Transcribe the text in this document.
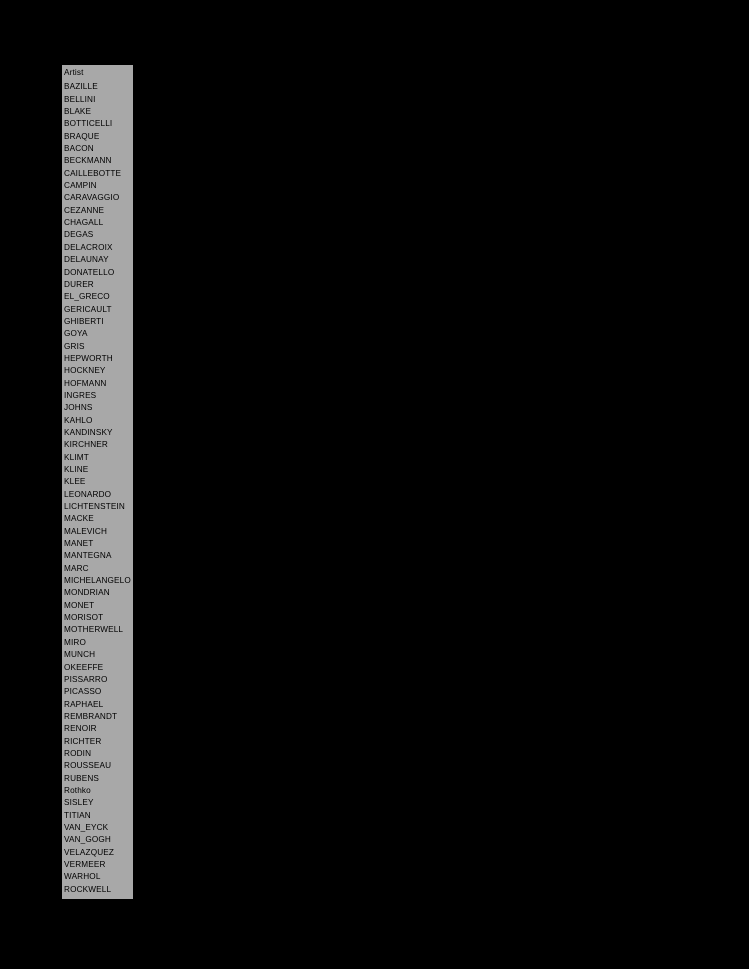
Artist
BAZILLE
BELLINI
BLAKE
BOTTICELLI
BRAQUE
BACON
BECKMANN
CAILLEBOTTE
CAMPIN
CARAVAGGIO
CEZANNE
CHAGALL
DEGAS
DELACROIX
DELAUNAY
DONATELLO
DURER
EL_GRECO
GERICAULT
GHIBERTI
GOYA
GRIS
HEPWORTH
HOCKNEY
HOFMANN
INGRES
JOHNS
KAHLO
KANDINSKY
KIRCHNER
KLIMT
KLINE
KLEE
LEONARDO
LICHTENSTEIN
MACKE
MALEVICH
MANET
MANTEGNA
MARC
MICHELANGELO
MONDRIAN
MONET
MORISOT
MOTHERWELL
MIRO
MUNCH
OKEEFFE
PISSARRO
PICASSO
RAPHAEL
REMBRANDT
RENOIR
RICHTER
RODIN
ROUSSEAU
RUBENS
Rothko
SISLEY
TITIAN
VAN_EYCK
VAN_GOGH
VELAZQUEZ
VERMEER
WARHOL
ROCKWELL
